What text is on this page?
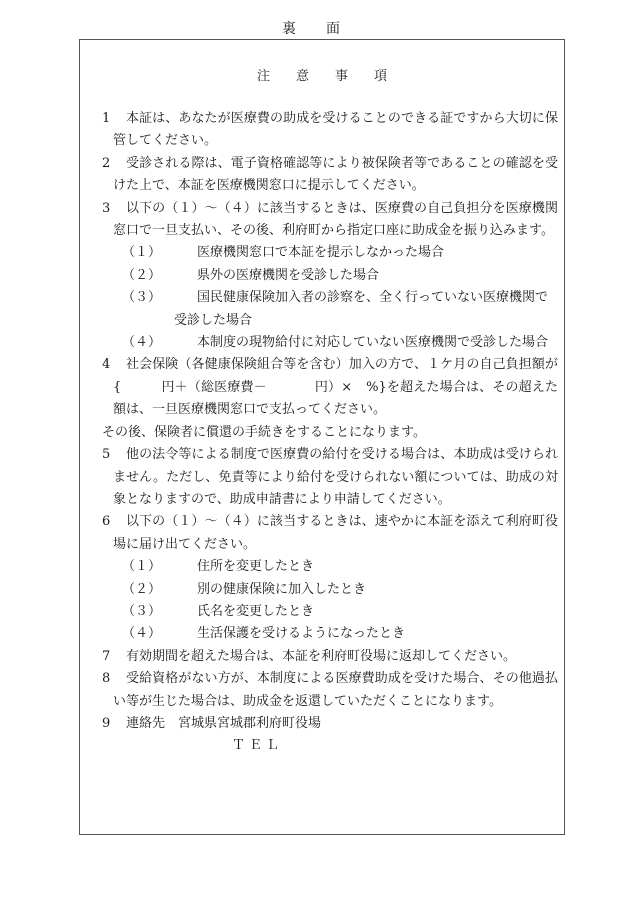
裏　面
注意事項
1	本証は、あなたが医療費の助成を受けることのできる証ですから大切に保管してください。
2	受診される際は、電子資格確認等により被保険者等であることの確認を受けた上で、本証を医療機関窓口に提示してください。
3	以下の（１）～（４）に該当するときは、医療費の自己負担分を医療機関窓口で一旦支払い、その後、利府町から指定口座に助成金を振り込みます。
（１）	医療機関窓口で本証を提示しなかった場合
（２）	県外の医療機関を受診した場合
（３）	国民健康保険加入者の診察を、全く行っていない医療機関で受診した場合
（４）	本制度の現物給付に対応していない医療機関で受診した場合
4	社会保険（各健康保険組合等を含む）加入の方で、１ケ月の自己負担額が{	円＋（総医療費－	円）× %}を超えた場合は、その超えた額は、一旦医療機関窓口で支払ってください。
その後、保険者に償還の手続きをすることになります。
5	他の法令等による制度で医療費の給付を受ける場合は、本助成は受けられません。ただし、免責等により給付を受けられない額については、助成の対象となりますので、助成申請書により申請してください。
6	以下の（１）～（４）に該当するときは、速やかに本証を添えて利府町役場に届け出てください。
（１）	住所を変更したとき
（２）	別の健康保険に加入したとき
（３）	氏名を変更したとき
（４）	生活保護を受けるようになったとき
7	有効期間を超えた場合は、本証を利府町役場に返却してください。
8	受給資格がない方が、本制度による医療費助成を受けた場合、その他過払い等が生じた場合は、助成金を返還していただくことになります。
9	連絡先　宮城県宮城郡利府町役場
ＴＥＬ
